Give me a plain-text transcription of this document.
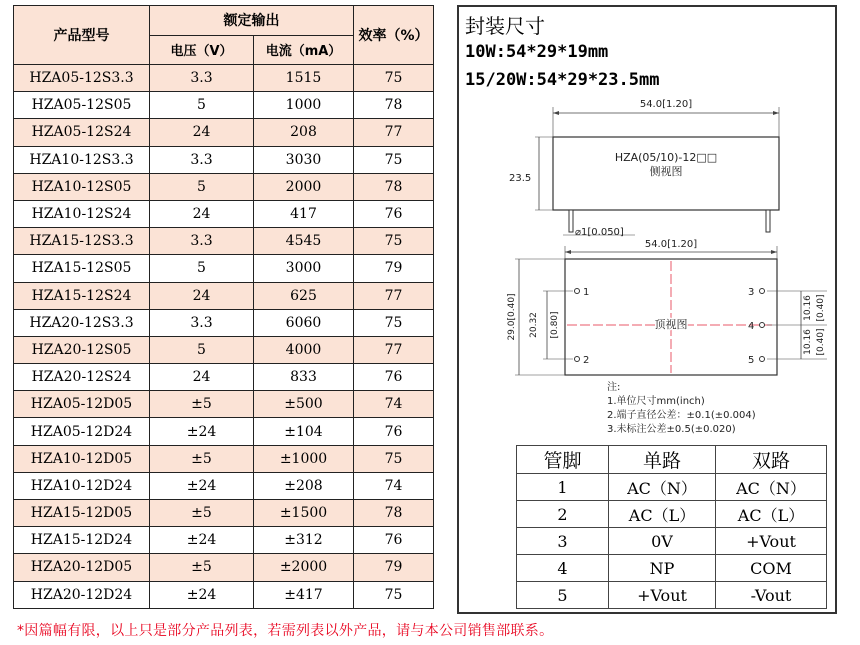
产品型号	额定输出		效率（%）
	电压（V）	电流（mA）	
HZA05-12S3.3	3.3	1515	75
HZA05-12S05	5	1000	78
HZA05-12S24	24	208	77
HZA10-12S3.3	3.3	3030	75
HZA10-12S05	5	2000	78
HZA10-12S24	24	417	76
HZA15-12S3.3	3.3	4545	75
HZA15-12S05	5	3000	79
HZA15-12S24	24	625	77
HZA20-12S3.3	3.3	6060	75
HZA20-12S05	5	4000	77
HZA20-12S24	24	833	76
HZA05-12D05	±5	±500	74
HZA05-12D24	±24	±104	76
HZA10-12D05	±5	±1000	75
HZA10-12D24	±24	±208	74
HZA15-12D05	±5	±1500	78
HZA15-12D24	±24	±312	76
HZA20-12D05	±5	±2000	79
HZA20-12D24	±24	±417	75
封装尺寸
10W:54*29*19mm
15/20W:54*29*23.5mm
54.0[1.20]
HZA(05/10)-12□□
侧视图
23.5
⌀1[0.050]
54.0[1.20]
顶视图
1
2
3
4
5
29.0[0.40] 20.32 [0.80]
10.16 [0.40]
10.16 [0.40]
注:
1.单位尺寸mm(inch)
2.端子直径公差：±0.1(±0.004)
3.未标注公差±0.5(±0.020)
管脚	单路	双路
1	AC（N）	AC（N）
2	AC（L）	AC（L）
3	0V	+Vout
4	NP	COM
5	+Vout	-Vout
*因篇幅有限，以上只是部分产品列表，若需列表以外产品，请与本公司销售部联系。
